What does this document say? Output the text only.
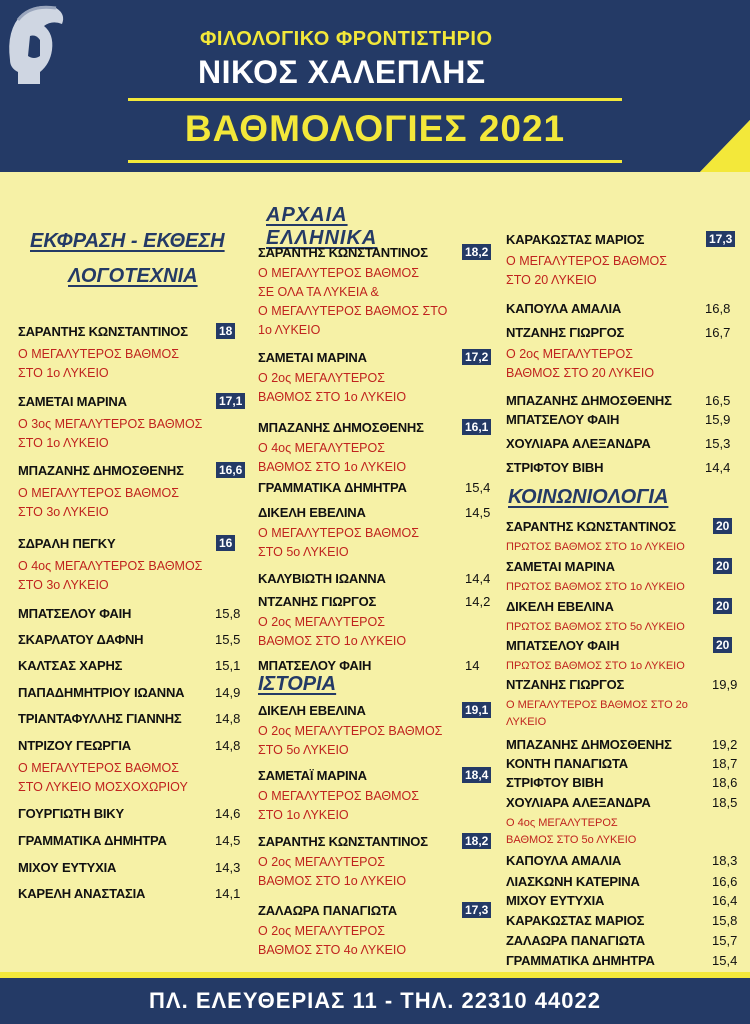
ΦΙΛΟΛΟΓΙΚΟ ΦΡΟΝΤΙΣΤΗΡΙΟ
ΝΙΚΟΣ ΧΑΛΕΠΛΗΣ
ΒΑΘΜΟΛΟΓΙΕΣ 2021
ΕΚΦΡΑΣΗ - ΕΚΘΕΣΗ
ΛΟΓΟΤΕΧΝΙΑ
ΣΑΡΑΝΤΗΣ ΚΩΝΣΤΑΝΤΙΝΟΣ	18
Ο ΜΕΓΑΛΥΤΕΡΟΣ ΒΑΘΜΟΣ
ΣΤΟ 1ο ΛΥΚΕΙΟ
ΣΑΜΕΤΑΙ ΜΑΡΙΝΑ	17,1
Ο 3ος ΜΕΓΑΛΥΤΕΡΟΣ ΒΑΘΜΟΣ
ΣΤΟ 1ο ΛΥΚΕΙΟ
ΜΠΑΖΑΝΗΣ ΔΗΜΟΣΘΕΝΗΣ	16,6
Ο ΜΕΓΑΛΥΤΕΡΟΣ ΒΑΘΜΟΣ
ΣΤΟ 3ο ΛΥΚΕΙΟ
ΣΔΡΑΛΗ ΠΕΓΚΥ	16
Ο 4ος ΜΕΓΑΛΥΤΕΡΟΣ ΒΑΘΜΟΣ
ΣΤΟ 3ο ΛΥΚΕΙΟ
ΜΠΑΤΣΕΛΟΥ ΦΑΙΗ	15,8
ΣΚΑΡΛΑΤΟΥ ΔΑΦΝΗ	15,5
ΚΑΛΤΣΑΣ ΧΑΡΗΣ	15,1
ΠΑΠΑΔΗΜΗΤΡΙΟΥ ΙΩΑΝΝΑ 14,9
ΤΡΙΑΝΤΑΦΥΛΛΗΣ ΓΙΑΝΝΗΣ	14,8
ΝΤΡΙΖΟΥ ΓΕΩΡΓΙΑ	14,8
Ο ΜΕΓΑΛΥΤΕΡΟΣ ΒΑΘΜΟΣ
ΣΤΟ ΛΥΚΕΙΟ ΜΟΣΧΟΧΩΡΙΟΥ
ΓΟΥΡΓΙΩΤΗ ΒΙΚΥ	14,6
ΓΡΑΜΜΑΤΙΚΑ ΔΗΜΗΤΡΑ	14,5
ΜΙΧΟΥ ΕΥΤΥΧΙΑ	14,3
ΚΑΡΕΛΗ ΑΝΑΣΤΑΣΙΑ	14,1
ΑΡΧΑΙΑ ΕΛΛΗΝΙΚΑ
ΣΑΡΑΝΤΗΣ ΚΩΝΣΤΑΝΤΙΝΟΣ	18,2
Ο ΜΕΓΑΛΥΤΕΡΟΣ ΒΑΘΜΟΣ
ΣΕ ΟΛΑ ΤΑ ΛΥΚΕΙΑ &
Ο ΜΕΓΑΛΥΤΕΡΟΣ ΒΑΘΜΟΣ ΣΤΟ
1ο ΛΥΚΕΙΟ
ΣΑΜΕΤΑΙ ΜΑΡΙΝΑ	17,2
Ο 2ος ΜΕΓΑΛΥΤΕΡΟΣ
ΒΑΘΜΟΣ ΣΤΟ 1ο ΛΥΚΕΙΟ
ΜΠΑΖΑΝΗΣ ΔΗΜΟΣΘΕΝΗΣ	16,1
Ο 4ος ΜΕΓΑΛΥΤΕΡΟΣ
ΒΑΘΜΟΣ ΣΤΟ 1ο ΛΥΚΕΙΟ
ΓΡΑΜΜΑΤΙΚΑ ΔΗΜΗΤΡΑ	15,4
ΔΙΚΕΛΗ ΕΒΕΛΙΝΑ	14,5
Ο ΜΕΓΑΛΥΤΕΡΟΣ ΒΑΘΜΟΣ
ΣΤΟ 5ο ΛΥΚΕΙΟ
ΚΑΛΥΒΙΩΤΗ ΙΩΑΝΝΑ	14,4
ΝΤΖΑΝΗΣ ΓΙΩΡΓΟΣ	14,2
Ο 2ος ΜΕΓΑΛΥΤΕΡΟΣ
ΒΑΘΜΟΣ ΣΤΟ 1ο ΛΥΚΕΙΟ
ΜΠΑΤΣΕΛΟΥ ΦΑΙΗ	14
ΙΣΤΟΡΙΑ
ΔΙΚΕΛΗ ΕΒΕΛΙΝΑ	19,1
Ο 2ος ΜΕΓΑΛΥΤΕΡΟΣ ΒΑΘΜΟΣ
ΣΤΟ 5ο ΛΥΚΕΙΟ
ΣΑΜΕΤΑΪ ΜΑΡΙΝΑ	18,4
Ο ΜΕΓΑΛΥΤΕΡΟΣ ΒΑΘΜΟΣ
ΣΤΟ 1ο ΛΥΚΕΙΟ
ΣΑΡΑΝΤΗΣ ΚΩΝΣΤΑΝΤΙΝΟΣ	18,2
Ο 2ος ΜΕΓΑΛΥΤΕΡΟΣ
ΒΑΘΜΟΣ ΣΤΟ 1ο ΛΥΚΕΙΟ
ΖΑΛΑΩΡΑ ΠΑΝΑΓΙΩΤΑ	17,3
Ο 2ος ΜΕΓΑΛΥΤΕΡΟΣ
ΒΑΘΜΟΣ ΣΤΟ 4ο ΛΥΚΕΙΟ
ΚΑΡΑΚΩΣΤΑΣ ΜΑΡΙΟΣ	17,3
Ο ΜΕΓΑΛΥΤΕΡΟΣ ΒΑΘΜΟΣ
ΣΤΟ 20 ΛΥΚΕΙΟ
ΚΑΠΟΥΛΑ ΑΜΑΛΙΑ	16,8
ΝΤΖΑΝΗΣ ΓΙΩΡΓΟΣ	16,7
Ο 2ος ΜΕΓΑΛΥΤΕΡΟΣ
ΒΑΘΜΟΣ ΣΤΟ 20 ΛΥΚΕΙΟ
ΜΠΑΖΑΝΗΣ ΔΗΜΟΣΘΕΝΗΣ	16,5
ΜΠΑΤΣΕΛΟΥ ΦΑΙΗ	15,9
ΧΟΥΛΙΑΡΑ ΑΛΕΞΑΝΔΡΑ	15,3
ΣΤΡΙΦΤΟΥ ΒΙΒΗ	14,4
ΚΟΙΝΩΝΙΟΛΟΓΙΑ
ΣΑΡΑΝΤΗΣ ΚΩΝΣΤΑΝΤΙΝΟΣ	20
ΠΡΩΤΟΣ ΒΑΘΜΟΣ ΣΤΟ 1ο ΛΥΚΕΙΟ
ΣΑΜΕΤΑΙ ΜΑΡΙΝΑ	20
ΠΡΩΤΟΣ ΒΑΘΜΟΣ ΣΤΟ 1ο ΛΥΚΕΙΟ
ΔΙΚΕΛΗ ΕΒΕΛΙΝΑ	20
ΠΡΩΤΟΣ ΒΑΘΜΟΣ ΣΤΟ 5ο ΛΥΚΕΙΟ
ΜΠΑΤΣΕΛΟΥ ΦΑΙΗ	20
ΠΡΩΤΟΣ ΒΑΘΜΟΣ ΣΤΟ 1ο ΛΥΚΕΙΟ
ΝΤΖΑΝΗΣ ΓΙΩΡΓΟΣ	19,9
Ο ΜΕΓΑΛΥΤΕΡΟΣ ΒΑΘΜΟΣ ΣΤΟ 2ο
ΛΥΚΕΙΟ
ΜΠΑΖΑΝΗΣ ΔΗΜΟΣΘΕΝΗΣ	19,2
ΚΟΝΤΗ ΠΑΝΑΓΙΩΤΑ	18,7
ΣΤΡΙΦΤΟΥ ΒΙΒΗ	18,6
ΧΟΥΛΙΑΡΑ ΑΛΕΞΑΝΔΡΑ	18,5
Ο 4ος ΜΕΓΑΛΥΤΕΡΟΣ
ΒΑΘΜΟΣ ΣΤΟ 5ο ΛΥΚΕΙΟ
ΚΑΠΟΥΛΑ ΑΜΑΛΙΑ	18,3
ΛΙΑΣΚΩΝΗ ΚΑΤΕΡΙΝΑ	16,6
ΜΙΧΟΥ ΕΥΤΥΧΙΑ	16,4
ΚΑΡΑΚΩΣΤΑΣ ΜΑΡΙΟΣ	15,8
ΖΑΛΑΩΡΑ ΠΑΝΑΓΙΩΤΑ	15,7
ΓΡΑΜΜΑΤΙΚΑ ΔΗΜΗΤΡΑ	15,4
ΠΛ. ΕΛΕΥΘΕΡΙΑΣ 11 - ΤΗΛ. 22310 44022
